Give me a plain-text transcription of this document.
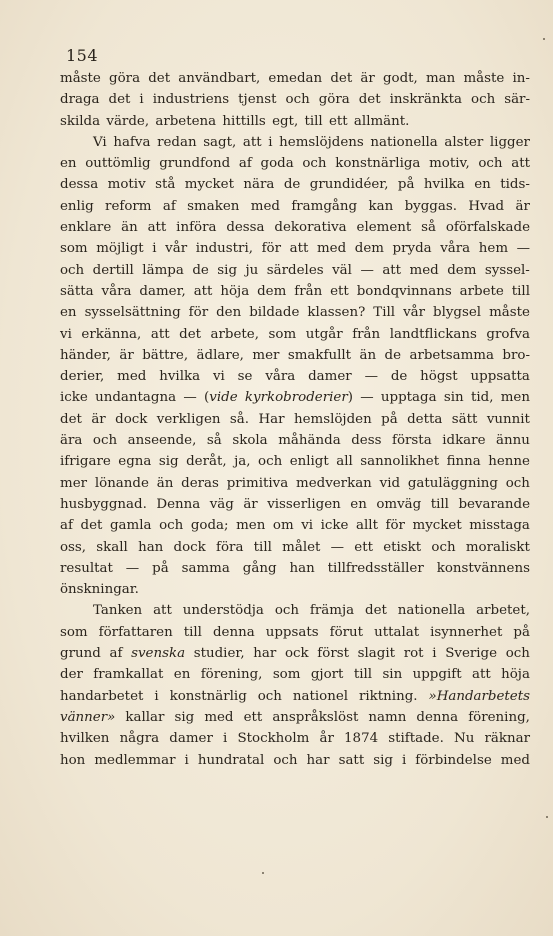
154
måste göra det användbart, emedan det är godt, man måste in-
draga det i industriens tjenst och göra det inskränkta och sär-
skilda värde, arbetena hittills egt, till ett allmänt.
Vi hafva redan sagt, att i hemslöjdens nationella alster ligger
en outtömlig grundfond af goda och konstnärliga motiv, och att
dessa motiv stå mycket nära de grundidéer, på hvilka en tids-
enlig reform af smaken med framgång kan byggas. Hvad är
enklare än att införa dessa dekorativa element så oförfalskade
som möjligt i vår industri, för att med dem pryda våra hem —
och dertill lämpa de sig ju särdeles väl — att med dem syssel-
sätta våra damer, att höja dem från ett bondqvinnans arbete till
en sysselsättning för den bildade klassen? Till vår blygsel måste
vi erkänna, att det arbete, som utgår från landtflickans grofva
händer, är bättre, ädlare, mer smakfullt än de arbetsamma bro-
derier, med hvilka vi se våra damer — de högst uppsatta
icke undantagna — (vide kyrkobroderier) — upptaga sin tid, men
det är dock verkligen så. Har hemslöjden på detta sätt vunnit
ära och anseende, så skola måhända dess första idkare ännu
ifrigare egna sig deråt, ja, och enligt all sannolikhet finna henne
mer lönande än deras primitiva medverkan vid gatuläggning och
husbyggnad. Denna väg är visserligen en omväg till bevarande
af det gamla och goda; men om vi icke allt för mycket misstaga
oss, skall han dock föra till målet — ett etiskt och moraliskt
resultat — på samma gång han tillfredsställer konstvännens
önskningar.
Tanken att understödja och främja det nationella arbetet,
som författaren till denna uppsats förut uttalat isynnerhet på
grund af svenska studier, har ock först slagit rot i Sverige och
der framkallat en förening, som gjort till sin uppgift att höja
handarbetet i konstnärlig och nationel riktning. »Handarbetets
vänner» kallar sig med ett anspråkslöst namn denna förening,
hvilken några damer i Stockholm år 1874 stiftade. Nu räknar
hon medlemmar i hundratal och har satt sig i förbindelse med
